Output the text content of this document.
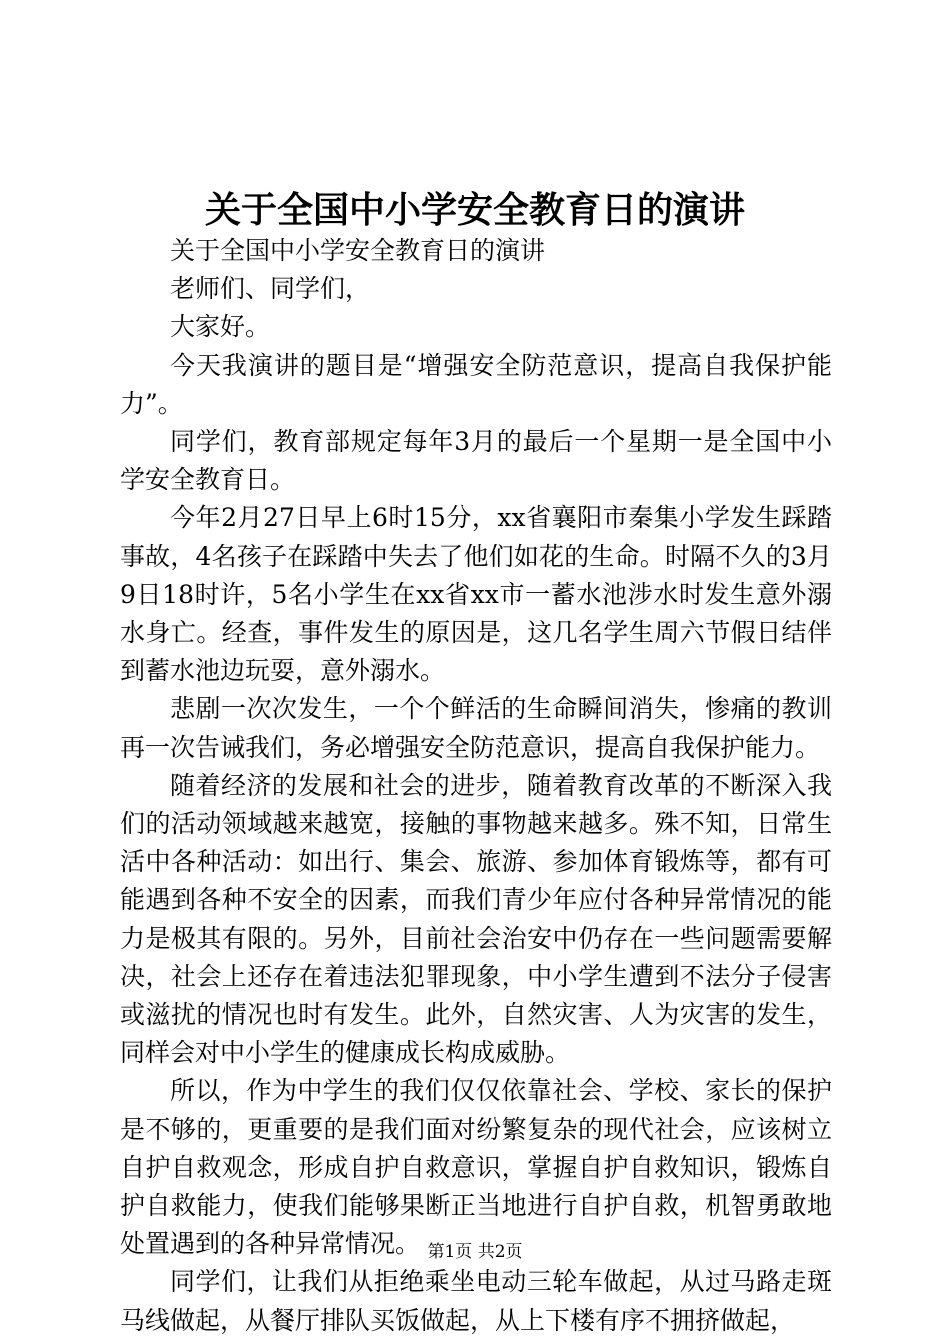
关于全国中小学安全教育日的演讲

关于全国中小学安全教育日的演讲

老师们、同学们，

大家好。

今天我演讲的题目是“增强安全防范意识，提高自我保护能力”。

同学们，教育部规定每年3月的最后一个星期一是全国中小学安全教育日。

今年2月27日早上6时15分，xx省襄阳市秦集小学发生踩踏事故，4名孩子在踩踏中失去了他们如花的生命。时隔不久的3月9日18时许，5名小学生在xx省xx市一蓄水池涉水时发生意外溺水身亡。经查，事件发生的原因是，这几名学生周六节假日结伴到蓄水池边玩耍，意外溺水。

悲剧一次次发生，一个个鲜活的生命瞬间消失，惨痛的教训再一次告诫我们，务必增强安全防范意识，提高自我保护能力。

随着经济的发展和社会的进步，随着教育改革的不断深入我们的活动领域越来越宽，接触的事物越来越多。殊不知，日常生活中各种活动：如出行、集会、旅游、参加体育锻炼等，都有可能遇到各种不安全的因素，而我们青少年应付各种异常情况的能力是极其有限的。另外，目前社会治安中仍存在一些问题需要解决，社会上还存在着违法犯罪现象，中小学生遭到不法分子侵害或滋扰的情况也时有发生。此外，自然灾害、人为灾害的发生，同样会对中小学生的健康成长构成威胁。

所以，作为中学生的我们仅仅依靠社会、学校、家长的保护是不够的，更重要的是我们面对纷繁复杂的现代社会，应该树立自护自救观念，形成自护自救意识，掌握自护自救知识，锻炼自护自救能力，使我们能够果断正当地进行自护自救，机智勇敢地处置遇到的各种异常情况。

同学们，让我们从拒绝乘坐电动三轮车做起，从过马路走斑马线做起，从餐厅排队买饭做起，从上下楼有序不拥挤做起，

第1页 共2页
